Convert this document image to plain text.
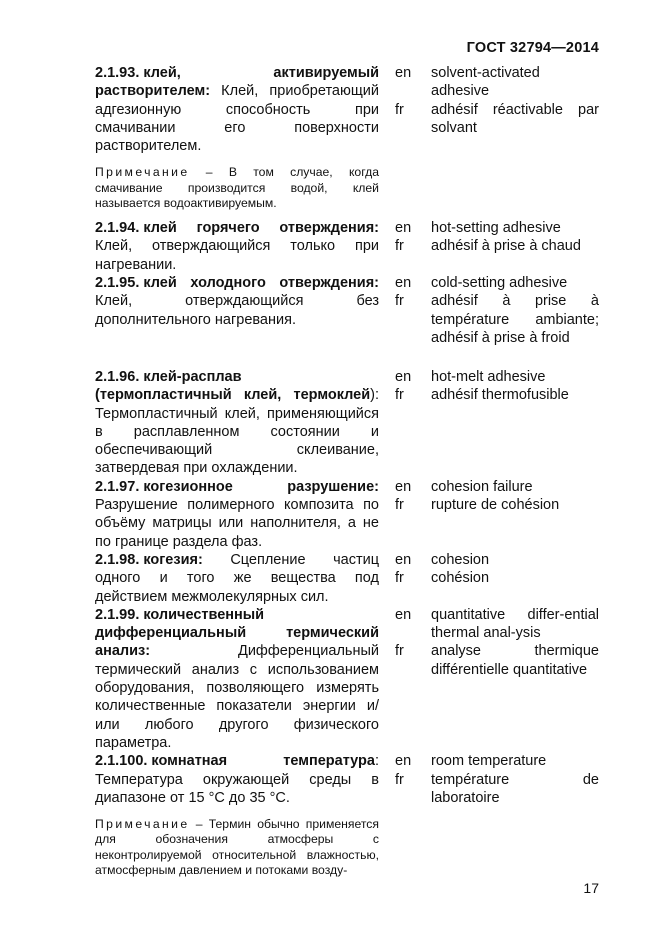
ГОСТ 32794—2014
2.1.93. клей, активируемый растворителем: Клей, приобретающий адгезионную способность при смачивании его поверхности растворителем.
en
fr
solvent-activated adhesive
adhésif réactivable par solvant
Примечание – В том случае, когда смачивание производится водой, клей называется водоактивируемым.
2.1.94. клей горячего отверждения: Клей, отверждающийся только при нагревании.
en
fr
hot-setting adhesive
adhésif à prise à chaud
2.1.95. клей холодного отверждения: Клей, отверждающийся без дополнительного нагревания.
en
fr
cold-setting adhesive
adhésif à prise à température ambiante; adhésif à prise à froid
2.1.96. клей-расплав (термопластичный клей, термоклей): Термопластичный клей, применяющийся в расплавленном состоянии и обеспечивающий склеивание, затвердевая при охлаждении.
en
fr
hot-melt adhesive
adhésif thermofusible
2.1.97. когезионное разрушение: Разрушение полимерного композита по объёму матрицы или наполнителя, а не по границе раздела фаз.
en
fr
cohesion failure
rupture de cohésion
2.1.98. когезия: Сцепление частиц одного и того же вещества под действием межмолекулярных сил.
en
fr
cohesion
cohésion
2.1.99. количественный дифференциальный термический анализ: Дифференциальный термический анализ с использованием оборудования, позволяющего измерять количественные показатели энергии и/или любого другого физического параметра.
en
fr
quantitative differ-ential thermal anal-ysis
analyse thermique différentielle quantitative
2.1.100. комнатная температура: Температура окружающей среды в диапазоне от 15 °С до 35 °С.
en
fr
room temperature
température de laboratoire
Примечание – Термин обычно применяется для обозначения атмосферы с неконтролируемой относительной влажностью, атмосферным давлением и потоками возду-
17
